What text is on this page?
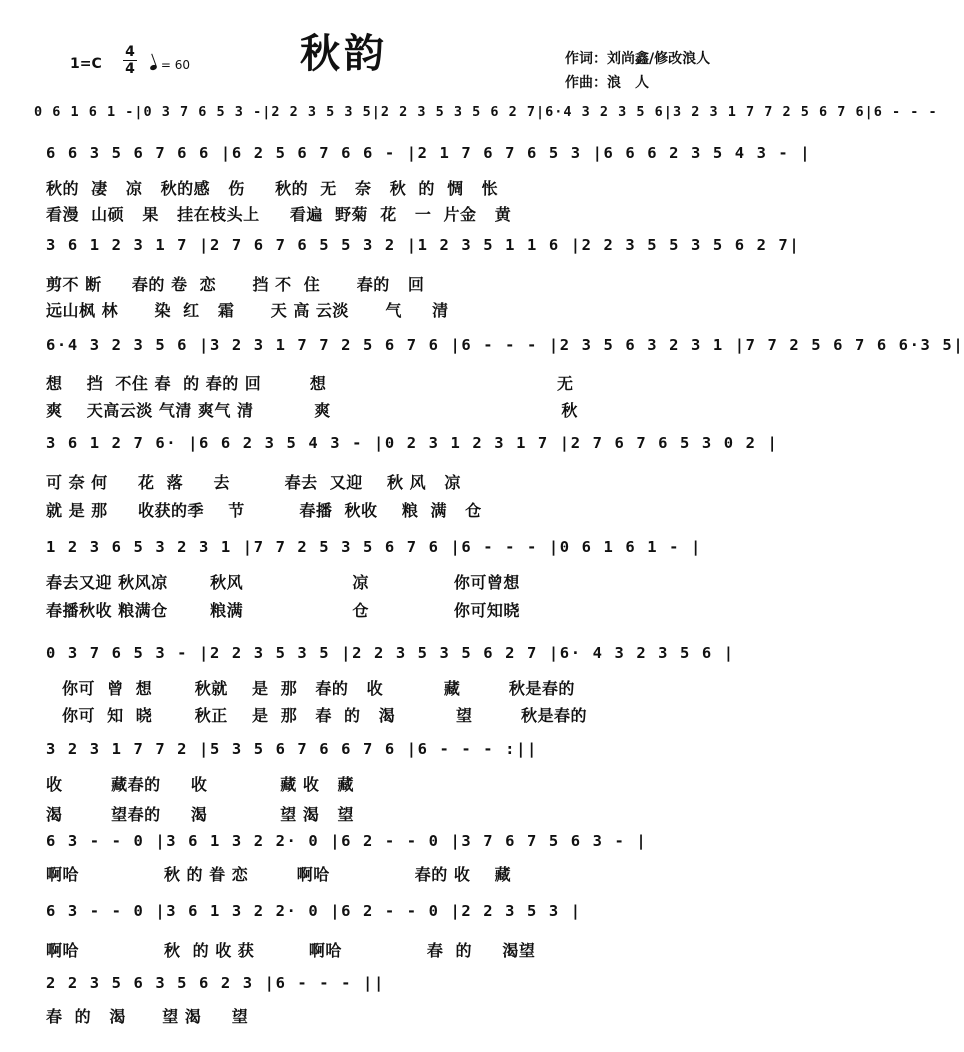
秋韵
1=C
4
4	= 60	作词：刘尚鑫/修改浪人
作曲：浪　人
0 6 1 6 1 -|0 3 7 6 5 3 -|2 2 3 5 3 5|2 2 3 5 3 5 6 2 7|6·4 3 2 3 5 6|3 2 3 1 7 7 2 5 6 7 6|6 - - -
6 6 3 5 6 7 6 6 |6 2 5 6 7 6 6 - |2 1 7 6 7 6 5 3 |6 6 6 2 3 5 4 3 - |
秋的  凄   凉   秋的感   伤     秋的  无   奈   秋  的  惆   怅
看漫  山硕   果   挂在枝头上     看遍  野菊  花   一  片金   黄
3 6 1 2 3 1 7 |2 7 6 7 6 5 5 3 2 |1 2 3 5 1 1 6 |2 2 3 5 5 3 5 6 2 7|
剪不 断     春的 卷  恋      挡 不  住      春的   回
远山枫 林      染  红   霜      天 高 云淡      气     清
6·4 3 2 3 5 6 |3 2 3 1 7 7 2 5 6 7 6 |6 - - - |2 3 5 6 3 2 3 1 |7 7 2 5 6 7 6 6·3 5|
想    挡  不住 春  的 春的 回        想                                      无
爽    天高云淡 气清 爽气 清          爽                                      秋
3 6 1 2 7 6· |6 6 2 3 5 4 3 - |0 2 3 1 2 3 1 7 |2 7 6 7 6 5 3 0 2 |
可 奈 何     花  落     去         春去  又迎    秋 风   凉
就 是 那     收获的季    节         春播  秋收    粮  满   仓
1 2 3 6 5 3 2 3 1 |7 7 2 5 3 5 6 7 6 |6 - - - |0 6 1 6 1 - |
春去又迎 秋风凉       秋风                  凉              你可曾想
春播秋收 粮满仓       粮满                  仓              你可知晓
0 3 7 6 5 3 - |2 2 3 5 3 5 |2 2 3 5 3 5 6 2 7 |6· 4 3 2 3 5 6 |
你可  曾  想       秋就    是  那   春的   收          藏        秋是春的
你可  知  晓       秋正    是  那   春  的   渴          望        秋是春的
3 2 3 1 7 7 2 |5 3 5 6 7 6 6 7 6 |6 - - - :||
收        藏春的     收            藏 收   藏
渴        望春的     渴            望 渴   望
6 3 - - 0 |3 6 1 3 2 2· 0 |6 2 - - 0 |3 7 6 7 5 6 3 - |
啊哈              秋 的 眷 恋        啊哈              春的 收    藏
6 3 - - 0 |3 6 1 3 2 2· 0 |6 2 - - 0 |2 2 3 5 3 |
啊哈              秋  的 收 获         啊哈              春  的     渴望
2 2 3 5 6 3 5 6 2 3 |6 - - - ||
春  的   渴      望 渴     望
